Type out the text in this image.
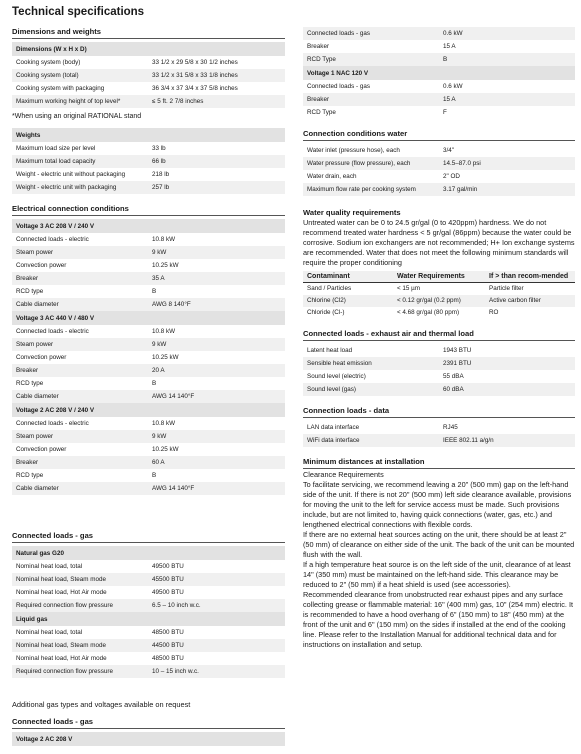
Technical specifications
Dimensions and weights
Dimensions (W x H x D)	
Cooking system (body)	33 1/2 x 29 5/8 x 30 1/2 inches
Cooking system (total)	33 1/2 x 31 5/8 x 33 1/8 inches
Cooking system with packaging	36 3/4 x 37 3/4 x 37 5/8 inches
Maximum working height of top level*	≤ 5 ft. 2 7/8 inches
*When using an original RATIONAL stand
Weights	
Maximum load size per level	33 lb
Maximum total load capacity	66 lb
Weight - electric unit without packaging	218 lb
Weight - electric unit with packaging	257 lb
Electrical connection conditions
Voltage 3 AC 208 V / 240 V	
Connected loads - electric	10.8 kW
Steam power	9 kW
Convection power	10.25 kW
Breaker	35 A
RCD type	B
Cable diameter	AWG 8 140°F
Voltage 3 AC 440 V / 480 V	
Connected loads - electric	10.8 kW
Steam power	9 kW
Convection power	10.25 kW
Breaker	20 A
RCD type	B
Cable diameter	AWG 14 140°F
Voltage 2 AC 208 V / 240 V	
Connected loads - electric	10.8 kW
Steam power	9 kW
Convection power	10.25 kW
Breaker	60 A
RCD type	B
Cable diameter	AWG 14 140°F
Connected loads - gas
Natural gas G20	
Nominal heat load, total	49500 BTU
Nominal heat load, Steam mode	45500 BTU
Nominal heat load, Hot Air mode	49500 BTU
Required connection flow pressure	6.5 – 10 inch w.c.
Liquid gas	
Nominal heat load, total	48500 BTU
Nominal heat load, Steam mode	44500 BTU
Nominal heat load, Hot Air mode	48500 BTU
Required connection flow pressure	10 – 15 inch w.c.
Additional gas types and voltages available on request
Connected loads - gas
Voltage 2 AC 208 V
Connected loads - gas	0.6 kW
Breaker	15 A
RCD Type	B
Voltage 1 NAC 120 V	
Connected loads - gas	0.6 kW
Breaker	15 A
RCD Type	F
Connection conditions water
Water inlet (pressure hose), each	3/4"
Water pressure (flow pressure), each	14.5–87.0 psi
Water drain, each	2" OD
Maximum flow rate per cooking system	3.17 gal/min
Water quality requirements
Untreated water can be 0 to 24.5 gr/gal (0 to 420ppm) hardness. We do not recommend treated water hardness < 5 gr/gal (86ppm) because the water could be corrosive. Sodium ion exchangers are not recommended; H+ Ion exchange systems are recommended. Water that does not meet the following minimum standards will require the proper conditioning
Contaminant	Water Requirements	If > than recom-mended
Sand / Particles	< 15 µm	Particle filter
Chlorine (Cl2)	< 0.12 gr/gal (0.2 ppm)	Active carbon filter
Chloride (Cl-)	< 4.68 gr/gal (80 ppm)	RO
Connected loads - exhaust air and thermal load
Latent heat load	1943 BTU
Sensible heat emission	2391 BTU
Sound level (electric)	55 dBA
Sound level (gas)	60 dBA
Connection loads - data
LAN data interface	RJ45
WiFi data interface	IEEE 802.11 a/g/n
Minimum distances at installation
Clearance Requirements
To facilitate servicing, we recommend leaving a 20" (500 mm) gap on the left-hand side of the unit. If there is not 20" (500 mm) left side clearance available, provisions for moving the unit to the left for service access must be made. Such provisions include, but are not limited to, having quick connections (water, gas, etc.) and lengthened electrical connections with flexible cords.
If there are no external heat sources acting on the unit, there should be at least 2" (50 mm) of clearance on either side of the unit. The back of the unit can be mounted flush with the wall.
If a high temperature heat source is on the left side of the unit, clearance of at least 14" (350 mm) must be maintained on the left-hand side. This clearance may be reduced to 2" (50 mm) if a heat shield is used (see accessories).
Recommended clearance from unobstructed rear exhaust pipes and any surface collecting grease or flammable material: 16" (400 mm) gas, 10" (254 mm) electric. It is recommended to have a hood overhang of 6" (150 mm) to 18" (450 mm) at the front of the unit and 6" (150 mm) on the sides if installed at the end of the cooking line. Please refer to the Installation Manual for additional technical data and for instructions on installation and setup.
